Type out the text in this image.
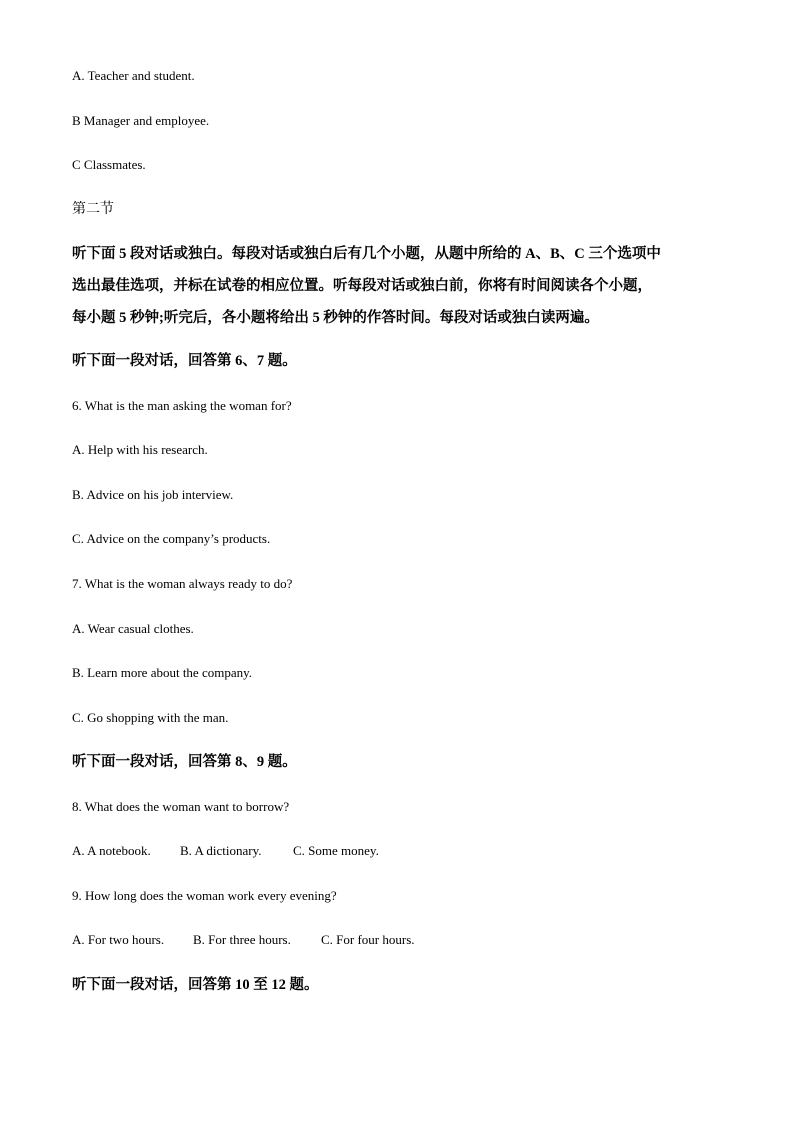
A. Teacher and student.
B Manager and employee.
C Classmates.
第二节
听下面 5 段对话或独白。每段对话或独白后有几个小题，从题中所给的 A、B、C 三个选项中
选出最佳选项，并标在试卷的相应位置。听每段对话或独白前，你将有时间阅读各个小题，
每小题 5 秒钟;听完后，各小题将给出 5 秒钟的作答时间。每段对话或独白读两遍。
听下面一段对话，回答第 6、7 题。
6. What is the man asking the woman for?
A. Help with his research.
B. Advice on his job interview.
C. Advice on the company’s products.
7. What is the woman always ready to do?
A. Wear casual clothes.
B. Learn more about the company.
C. Go shopping with the man.
听下面一段对话，回答第 8、9 题。
8. What does the woman want to borrow?
A. A notebook. B. A dictionary. C. Some money.
9. How long does the woman work every evening?
A. For two hours. B. For three hours. C. For four hours.
听下面一段对话，回答第 10 至 12 题。
